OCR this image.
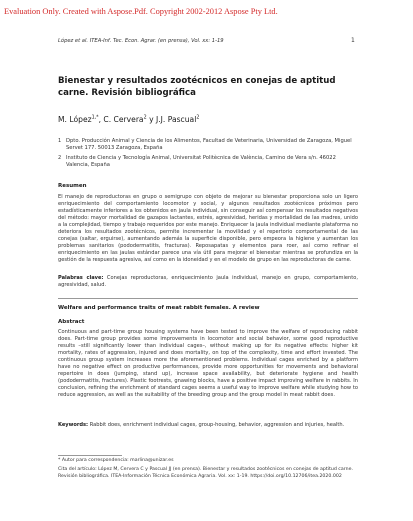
Evaluation Only. Created with Aspose.Pdf. Copyright 2002-2012 Aspose Pty Ltd.
López et al. ITEA-Inf. Tec. Econ. Agrar. (en prensa), Vol. xx: 1-19	1
Bienestar y resultados zootécnicos en conejas de aptitud carne. Revisión bibliográfica
M. López$^{1,*}$, C. Cervera$^2$ y J.J. Pascual$^2$
1 Dpto. Producción Animal y Ciencia de los Alimentos, Facultad de Veterinaria, Universidad de Zaragoza, Miguel Servet 177. 50013 Zaragoza, España
2 Instituto de Ciencia y Tecnología Animal, Universitat Politècnica de València, Camino de Vera s/n. 46022 Valencia, España
Resumen

El manejo de reproductoras en grupo o semigrupo con objeto de mejorar su bienestar proporciona solo un ligero enriquecimiento del comportamiento locomotor y social, y algunos resultados zootécnicos próximos pero estadísticamente inferiores a los obtenidos en jaula individual, sin conseguir así compensar los resultados negativos del método: mayor mortalidad de gazapos lactantes, estrés, agresividad, heridas y mortalidad de las madres, unido a la complejidad, tiempo y trabajo requeridos por este manejo. Enriquecer la jaula individual mediante plataforma no deteriora los resultados zootécnicos, permite incrementar la movilidad y el repertorio comportamental de las conejas (saltar, erguirse), aumentando además la superficie disponible, pero empeora la higiene y aumentan los problemas sanitarios (pododermatitis, fracturas). Reposapatas y elementos para roer, así como refinar el enriquecimiento en las jaulas estándar parece una vía útil para mejorar el bienestar mientras se profundiza en la gestión de la respuesta agresiva, así como en la idoneidad y en el modelo de grupo en las reproductoras de carne.

Palabras clave: Conejas reproductoras, enriquecimiento jaula individual, manejo en grupo, comportamiento, agresividad, salud.

Welfare and performance traits of meat rabbit females. A review
Abstract

Continuous and part-time group housing systems have been tested to improve the welfare of reproducing rabbit does. Part-time group provides some improvements in locomotor and social behavior, some good reproductive results –still significantly lower than individual cages–, without making up for its negative effects: higher kit mortality, rates of aggression, injured and does mortality, on top of the complexity, time and effort invested. The continuous group system increases more the aforementioned problems. Individual cages enriched by a platform have no negative effect on productive performances, provide more opportunities for movements and behavioral repertoire in does (jumping, stand up), increase space availability, but deteriorate hygiene and health (pododermatitis, fractures). Plastic footrests, gnawing blocks, have a positive impact improving welfare in rabbits. In conclusion, refining the enrichment of standard cages seems a useful way to improve welfare while studying how to reduce aggression, as well as the suitability of the breeding group and the group model in meat rabbit does.

Keywords: Rabbit does, enrichment individual cages, group-housing, behavior, aggression and injuries, health.

* Autor para correspondencia: marlina@unizar.es
Cita del artículo: López M, Cervera C y Pascual JJ (en prensa). Bienestar y resultados zootécnicos en conejas de aptitud carne. Revisión bibliográfica. ITEA-Información Técnica Económica Agraria. Vol. xx: 1-19. https://doi.org/10.12706/itea.2020.002
